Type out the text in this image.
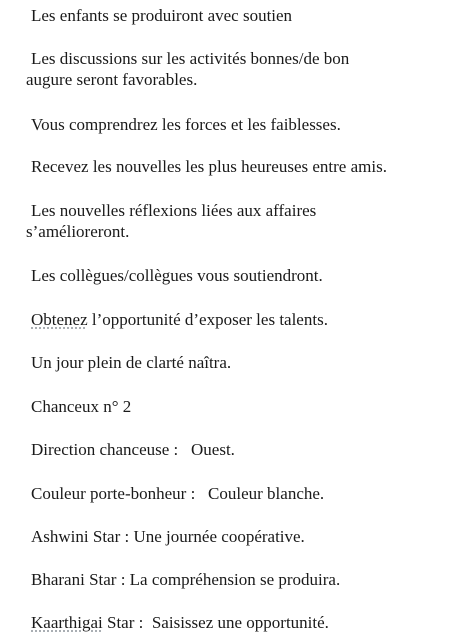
Les enfants se produiront avec soutien
Les discussions sur les activités bonnes/de bon
augure seront favorables.
Vous comprendrez les forces et les faiblesses.
Recevez les nouvelles les plus heureuses entre amis.
Les nouvelles réflexions liées aux affaires
s’amélioreront.
Les collègues/collègues vous soutiendront.
Obtenez l’opportunité d’exposer les talents.
Un jour plein de clarté naîtra.
Chanceux n° 2
Direction chanceuse :   Ouest.
Couleur porte-bonheur :   Couleur blanche.
Ashwini Star : Une journée coopérative.
Bharani Star : La compréhension se produira.
Kaarthigai Star :  Saisissez une opportunité.
